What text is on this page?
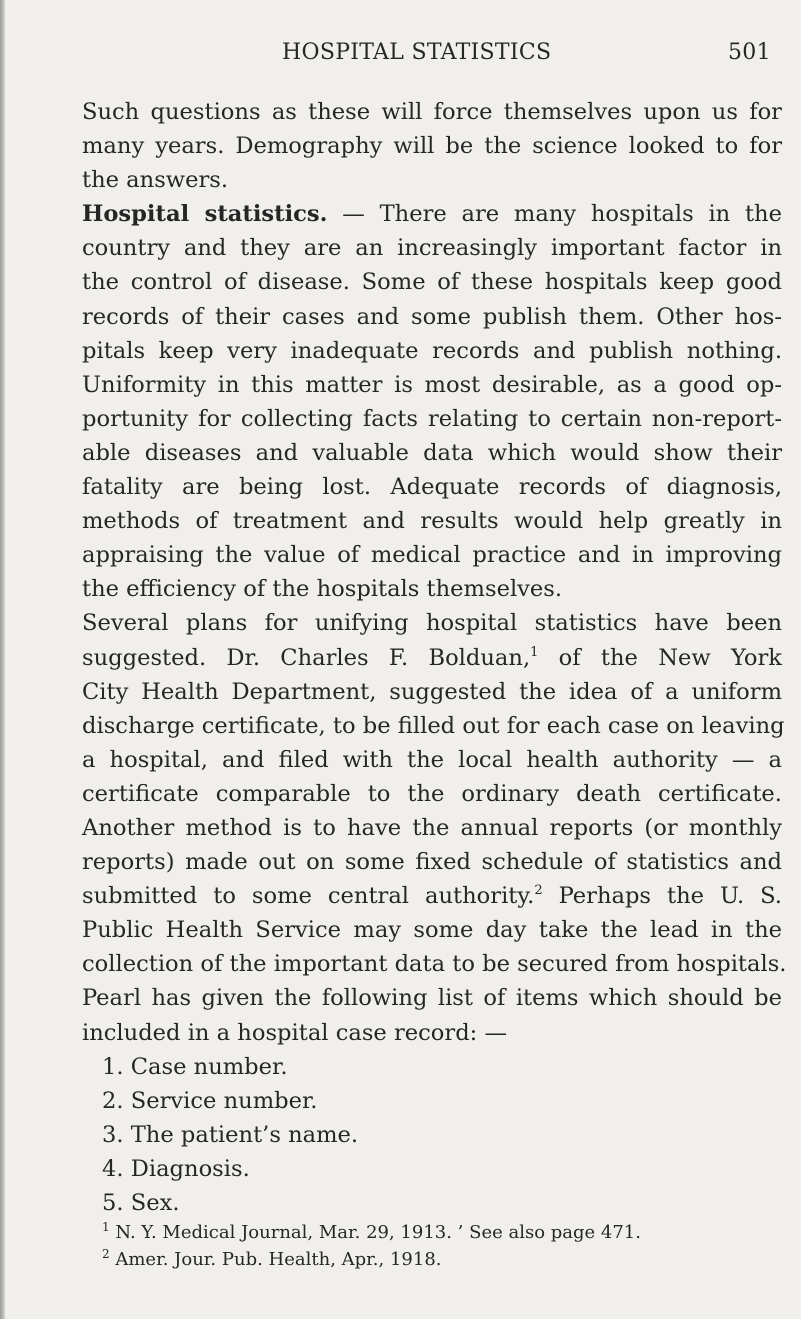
HOSPITAL STATISTICS	501
Such questions as these will force themselves upon us for
many years. Demography will be the science looked to for
the answers.
Hospital statistics. — There are many hospitals in the
country and they are an increasingly important factor in
the control of disease. Some of these hospitals keep good
records of their cases and some publish them. Other hos-
pitals keep very inadequate records and publish nothing.
Uniformity in this matter is most desirable, as a good op-
portunity for collecting facts relating to certain non-report-
able diseases and valuable data which would show their
fatality are being lost. Adequate records of diagnosis,
methods of treatment and results would help greatly in
appraising the value of medical practice and in improving
the efficiency of the hospitals themselves.
Several plans for unifying hospital statistics have been
suggested. Dr. Charles F. Bolduan,$^1$ of the New York
City Health Department, suggested the idea of a uniform
discharge certificate, to be filled out for each case on leaving
a hospital, and filed with the local health authority — a
certificate comparable to the ordinary death certificate.
Another method is to have the annual reports (or monthly
reports) made out on some fixed schedule of statistics and
submitted to some central authority.$^2$ Perhaps the U. S.
Public Health Service may some day take the lead in the
collection of the important data to be secured from hospitals.
Pearl has given the following list of items which should be
included in a hospital case record: —
1. Case number.
2. Service number.
3. The patient’s name.
4. Diagnosis.
5. Sex.
$^1$ N. Y. Medical Journal, Mar. 29, 1913. ’ See also page 471.
$^2$ Amer. Jour. Pub. Health, Apr., 1918.
